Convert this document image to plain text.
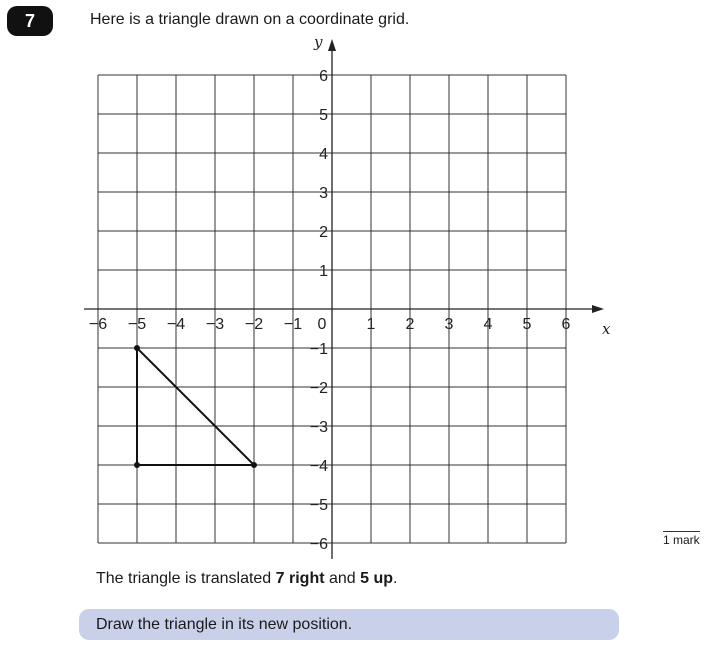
7	Here is a triangle drawn on a coordinate grid.
x
y
−6 −5 −4 −3 −2 −1 0	1 2 3 4 5 6
6
5
4
3
2
1
−1
−2
−3
−4
−5
−6	1 mark
The triangle is translated 7 right and 5 up.
Draw the triangle in its new position.
